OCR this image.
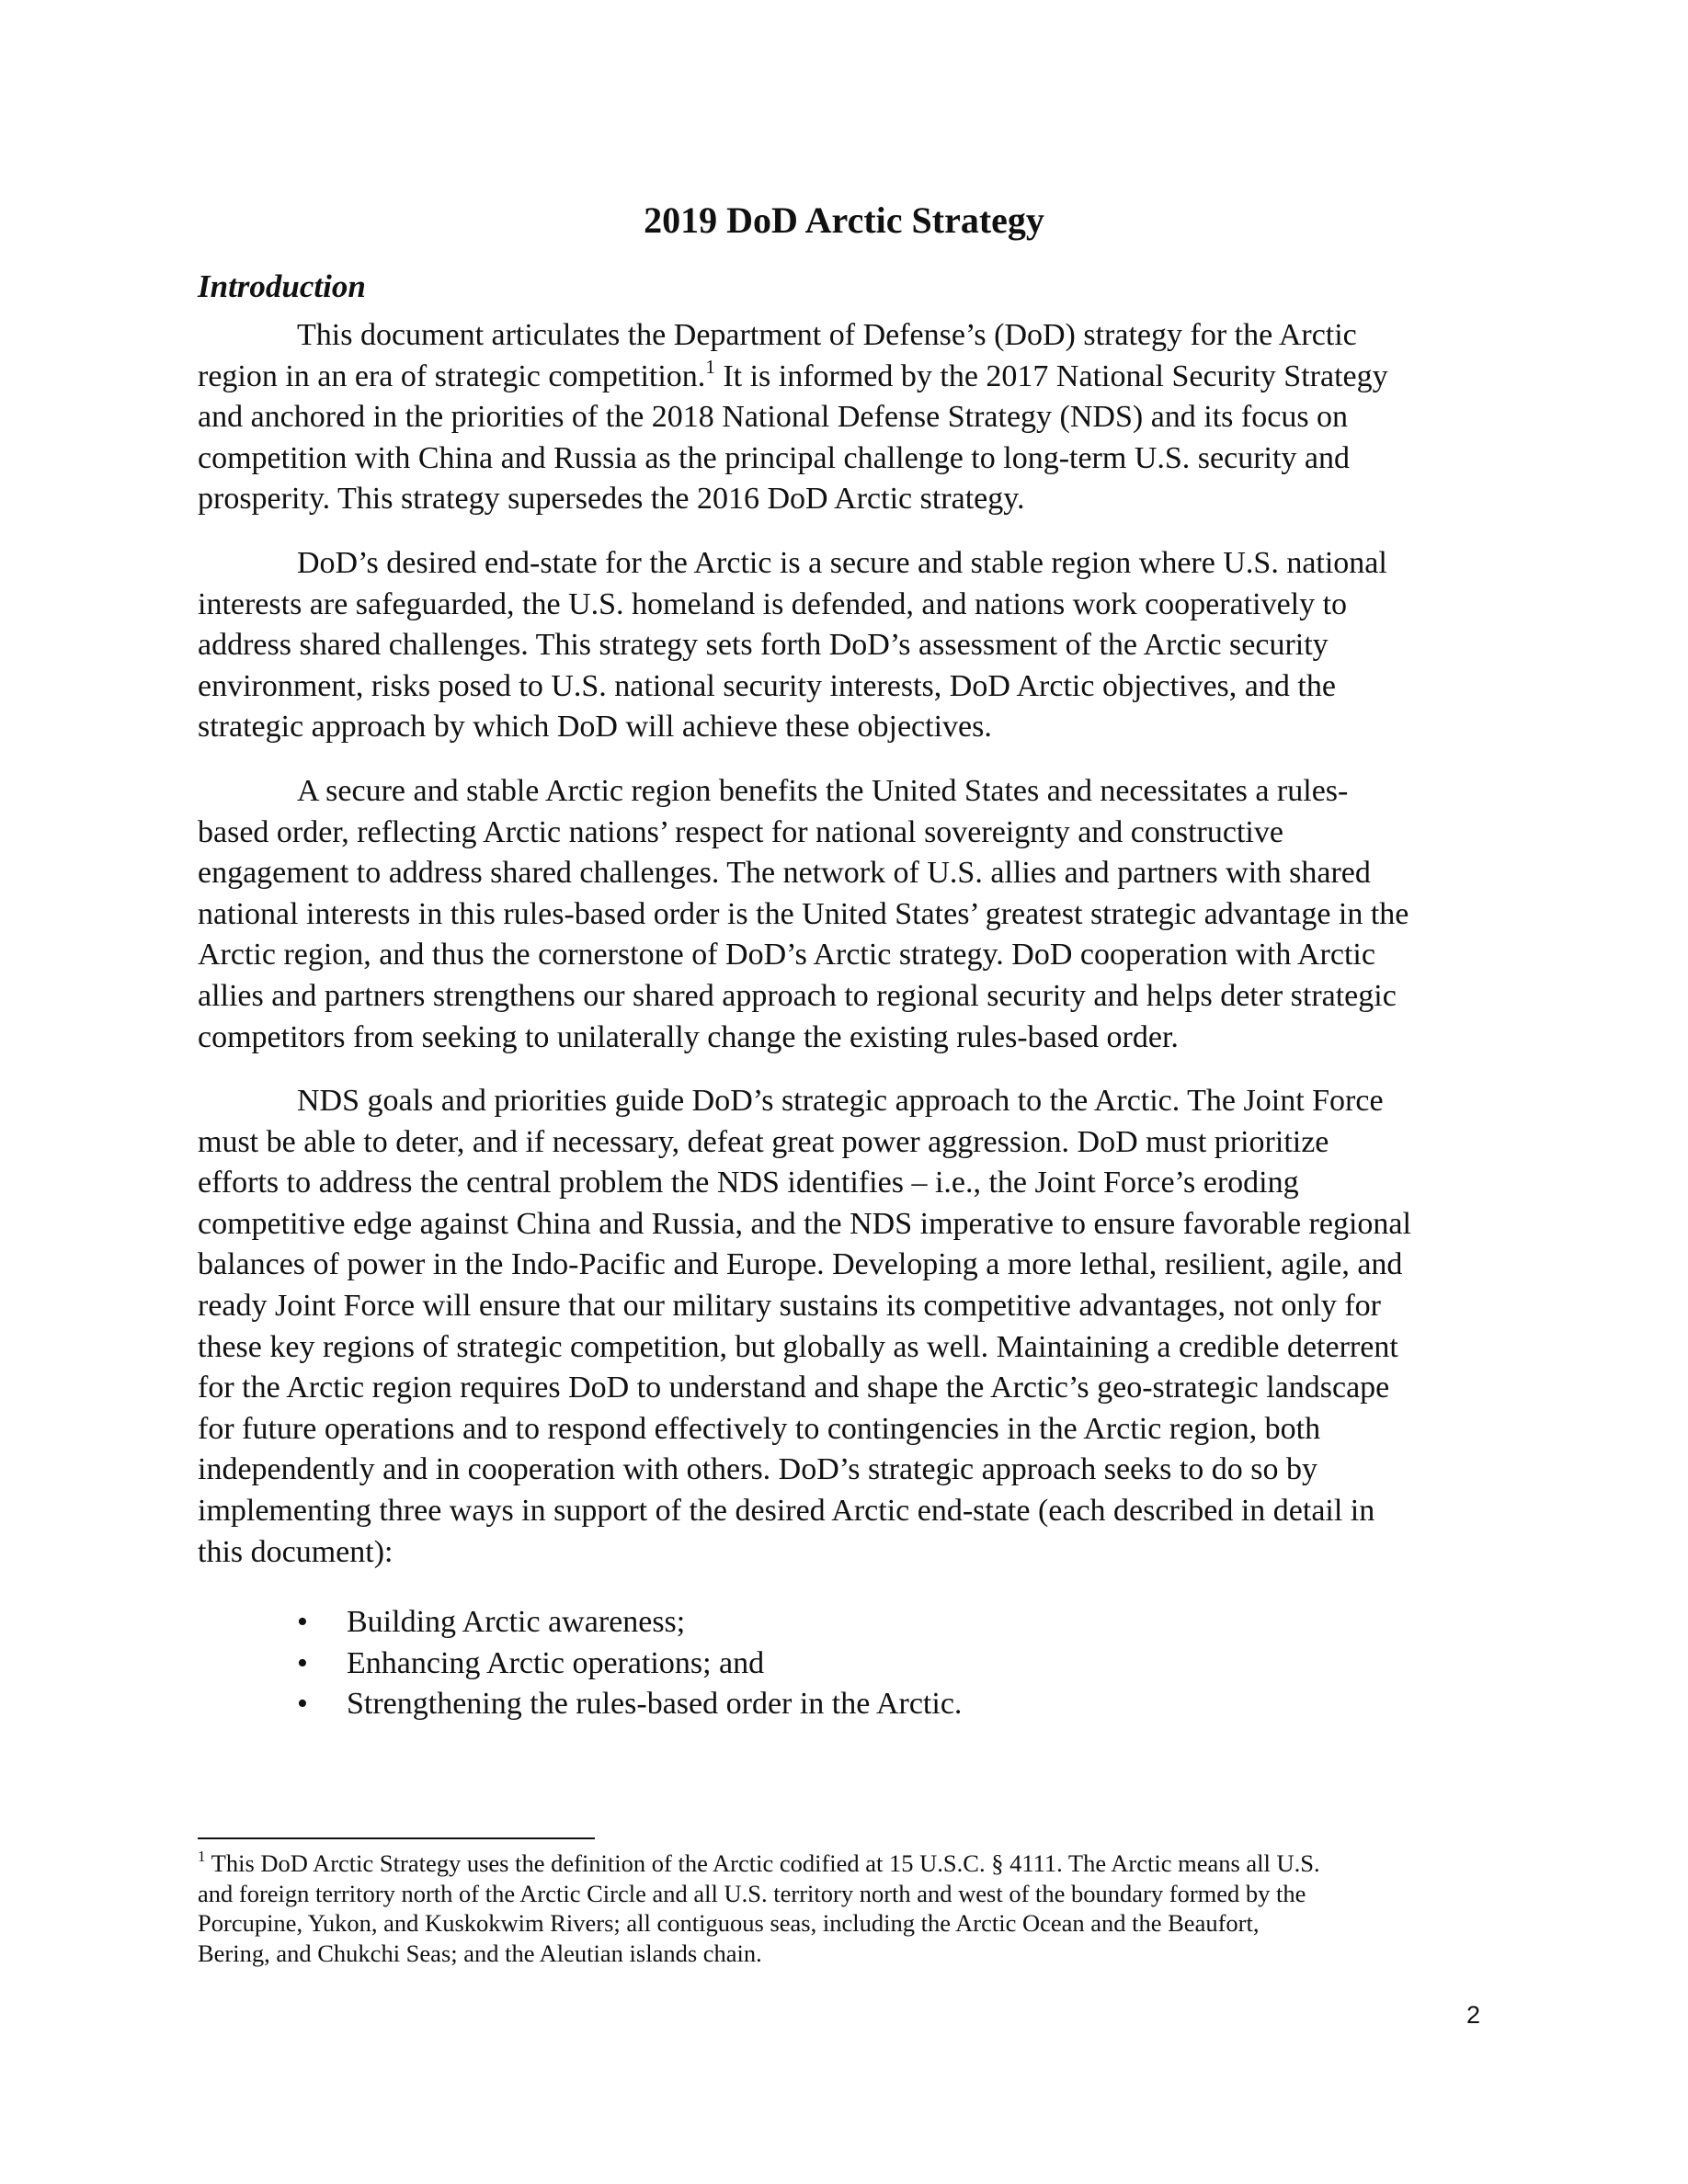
2019 DoD Arctic Strategy
Introduction

This document articulates the Department of Defense’s (DoD) strategy for the Arctic
region in an era of strategic competition.$^1$ It is informed by the 2017 National Security Strategy
and anchored in the priorities of the 2018 National Defense Strategy (NDS) and its focus on
competition with China and Russia as the principal challenge to long-term U.S. security and
prosperity. This strategy supersedes the 2016 DoD Arctic strategy.

DoD’s desired end-state for the Arctic is a secure and stable region where U.S. national
interests are safeguarded, the U.S. homeland is defended, and nations work cooperatively to
address shared challenges. This strategy sets forth DoD’s assessment of the Arctic security
environment, risks posed to U.S. national security interests, DoD Arctic objectives, and the
strategic approach by which DoD will achieve these objectives.

A secure and stable Arctic region benefits the United States and necessitates a rules-
based order, reflecting Arctic nations’ respect for national sovereignty and constructive
engagement to address shared challenges. The network of U.S. allies and partners with shared
national interests in this rules-based order is the United States’ greatest strategic advantage in the
Arctic region, and thus the cornerstone of DoD’s Arctic strategy. DoD cooperation with Arctic
allies and partners strengthens our shared approach to regional security and helps deter strategic
competitors from seeking to unilaterally change the existing rules-based order.

NDS goals and priorities guide DoD’s strategic approach to the Arctic. The Joint Force
must be able to deter, and if necessary, defeat great power aggression. DoD must prioritize
efforts to address the central problem the NDS identifies – i.e., the Joint Force’s eroding
competitive edge against China and Russia, and the NDS imperative to ensure favorable regional
balances of power in the Indo-Pacific and Europe. Developing a more lethal, resilient, agile, and
ready Joint Force will ensure that our military sustains its competitive advantages, not only for
these key regions of strategic competition, but globally as well. Maintaining a credible deterrent
for the Arctic region requires DoD to understand and shape the Arctic’s geo-strategic landscape
for future operations and to respond effectively to contingencies in the Arctic region, both
independently and in cooperation with others. DoD’s strategic approach seeks to do so by
implementing three ways in support of the desired Arctic end-state (each described in detail in
this document):

• Building Arctic awareness;
• Enhancing Arctic operations; and
• Strengthening the rules-based order in the Arctic.

$^1$ This DoD Arctic Strategy uses the definition of the Arctic codified at 15 U.S.C. § 4111. The Arctic means all U.S.
and foreign territory north of the Arctic Circle and all U.S. territory north and west of the boundary formed by the
Porcupine, Yukon, and Kuskokwim Rivers; all contiguous seas, including the Arctic Ocean and the Beaufort,
Bering, and Chukchi Seas; and the Aleutian islands chain.

2
